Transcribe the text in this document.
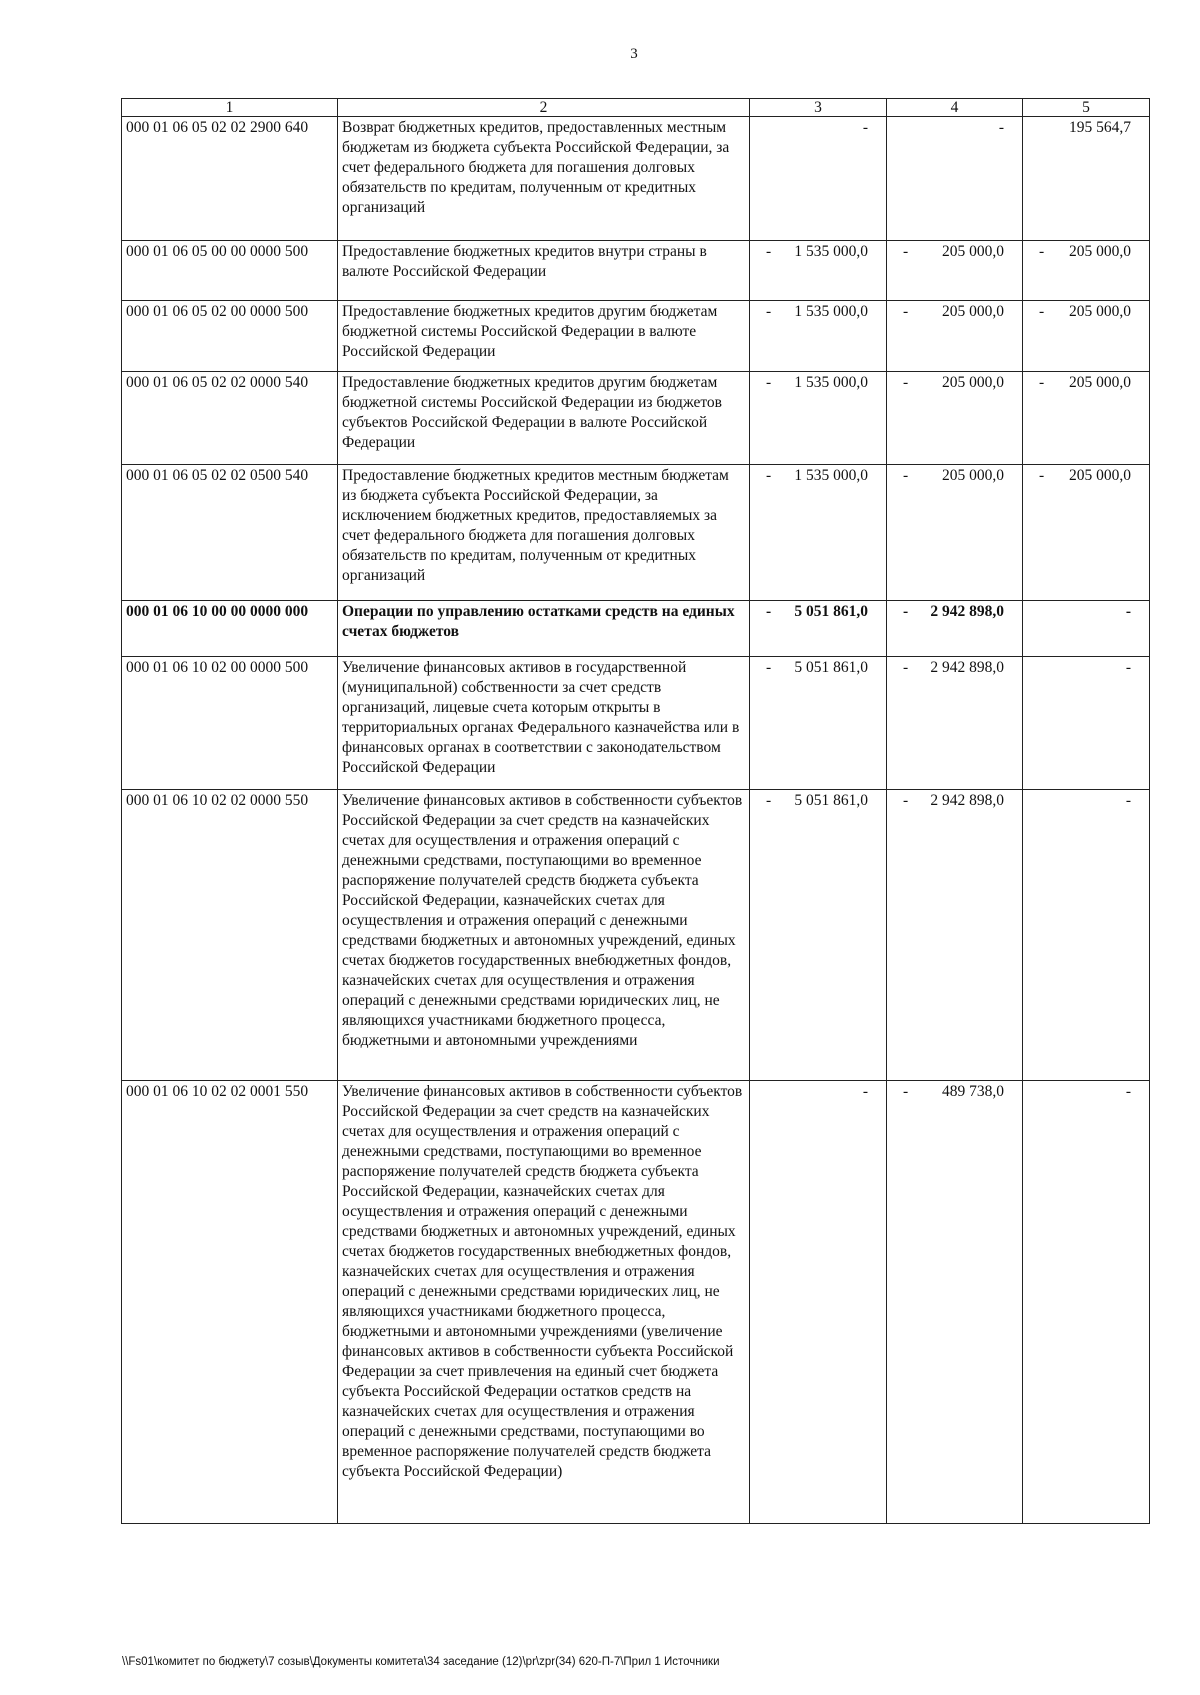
3
1	2	3	4	5
000 01 06 05 02 02 2900 640	Возврат бюджетных кредитов, предоставленных местным бюджетам из бюджета субъекта Российской Федерации, за счет федерального бюджета для погашения долговых обязательств по кредитам, полученным от кредитных организаций	-	-	195 564,7

000 01 06 05 00 00 0000 500	Предоставление бюджетных кредитов внутри страны в валюте Российской Федерации	- 1 535 000,0	- 205 000,0	- 205 000,0

000 01 06 05 02 00 0000 500	Предоставление бюджетных кредитов другим бюджетам бюджетной системы Российской Федерации в валюте Российской Федерации	- 1 535 000,0	- 205 000,0	- 205 000,0

000 01 06 05 02 02 0000 540	Предоставление бюджетных кредитов другим бюджетам бюджетной системы Российской Федерации из бюджетов субъектов Российской Федерации в валюте Российской Федерации	- 1 535 000,0	- 205 000,0	- 205 000,0

000 01 06 05 02 02 0500 540	Предоставление бюджетных кредитов местным бюджетам из бюджета субъекта Российской Федерации, за исключением бюджетных кредитов, предоставляемых за счет федерального бюджета для погашения долговых обязательств по кредитам, полученным от кредитных организаций	- 1 535 000,0	- 205 000,0	- 205 000,0

000 01 06 10 00 00 0000 000	Операции по управлению остатками средств на единых счетах бюджетов	- 5 051 861,0	- 2 942 898,0	-

000 01 06 10 02 00 0000 500	Увеличение финансовых активов в государственной (муниципальной) собственности за счет средств организаций, лицевые счета которым открыты в территориальных органах Федерального казначейства или в финансовых органах в соответствии с законодательством Российской Федерации	- 5 051 861,0	- 2 942 898,0	-

000 01 06 10 02 02 0000 550	Увеличение финансовых активов в собственности субъектов Российской Федерации за счет средств на казначейских счетах для осуществления и отражения операций с денежными средствами, поступающими во временное распоряжение получателей средств бюджета субъекта Российской Федерации, казначейских счетах для осуществления и отражения операций с денежными средствами бюджетных и автономных учреждений, единых счетах бюджетов государственных внебюджетных фондов, казначейских счетах для осуществления и отражения операций с денежными средствами юридических лиц, не являющихся участниками бюджетного процесса, бюджетными и автономными учреждениями	- 5 051 861,0	- 2 942 898,0	-

000 01 06 10 02 02 0001 550	Увеличение финансовых активов в собственности субъектов Российской Федерации за счет средств на казначейских счетах для осуществления и отражения операций с денежными средствами, поступающими во временное распоряжение получателей средств бюджета субъекта Российской Федерации, казначейских счетах для осуществления и отражения операций с денежными средствами бюджетных и автономных учреждений, единых счетах бюджетов государственных внебюджетных фондов, казначейских счетах для осуществления и отражения операций с денежными средствами юридических лиц, не являющихся участниками бюджетного процесса, бюджетными и автономными учреждениями (увеличение финансовых активов в собственности субъекта Российской Федерации за счет привлечения на единый счет бюджета субъекта Российской Федерации остатков средств на казначейских счетах для осуществления и отражения операций с денежными средствами, поступающими во временное распоряжение получателей средств бюджета субъекта Российской Федерации)	-	- 489 738,0	-
\\Fs01\комитет по бюджету\7 созыв\Документы комитета\34 заседание (12)\pr\zpr(34) 620-П-7\Прил 1 Источники
